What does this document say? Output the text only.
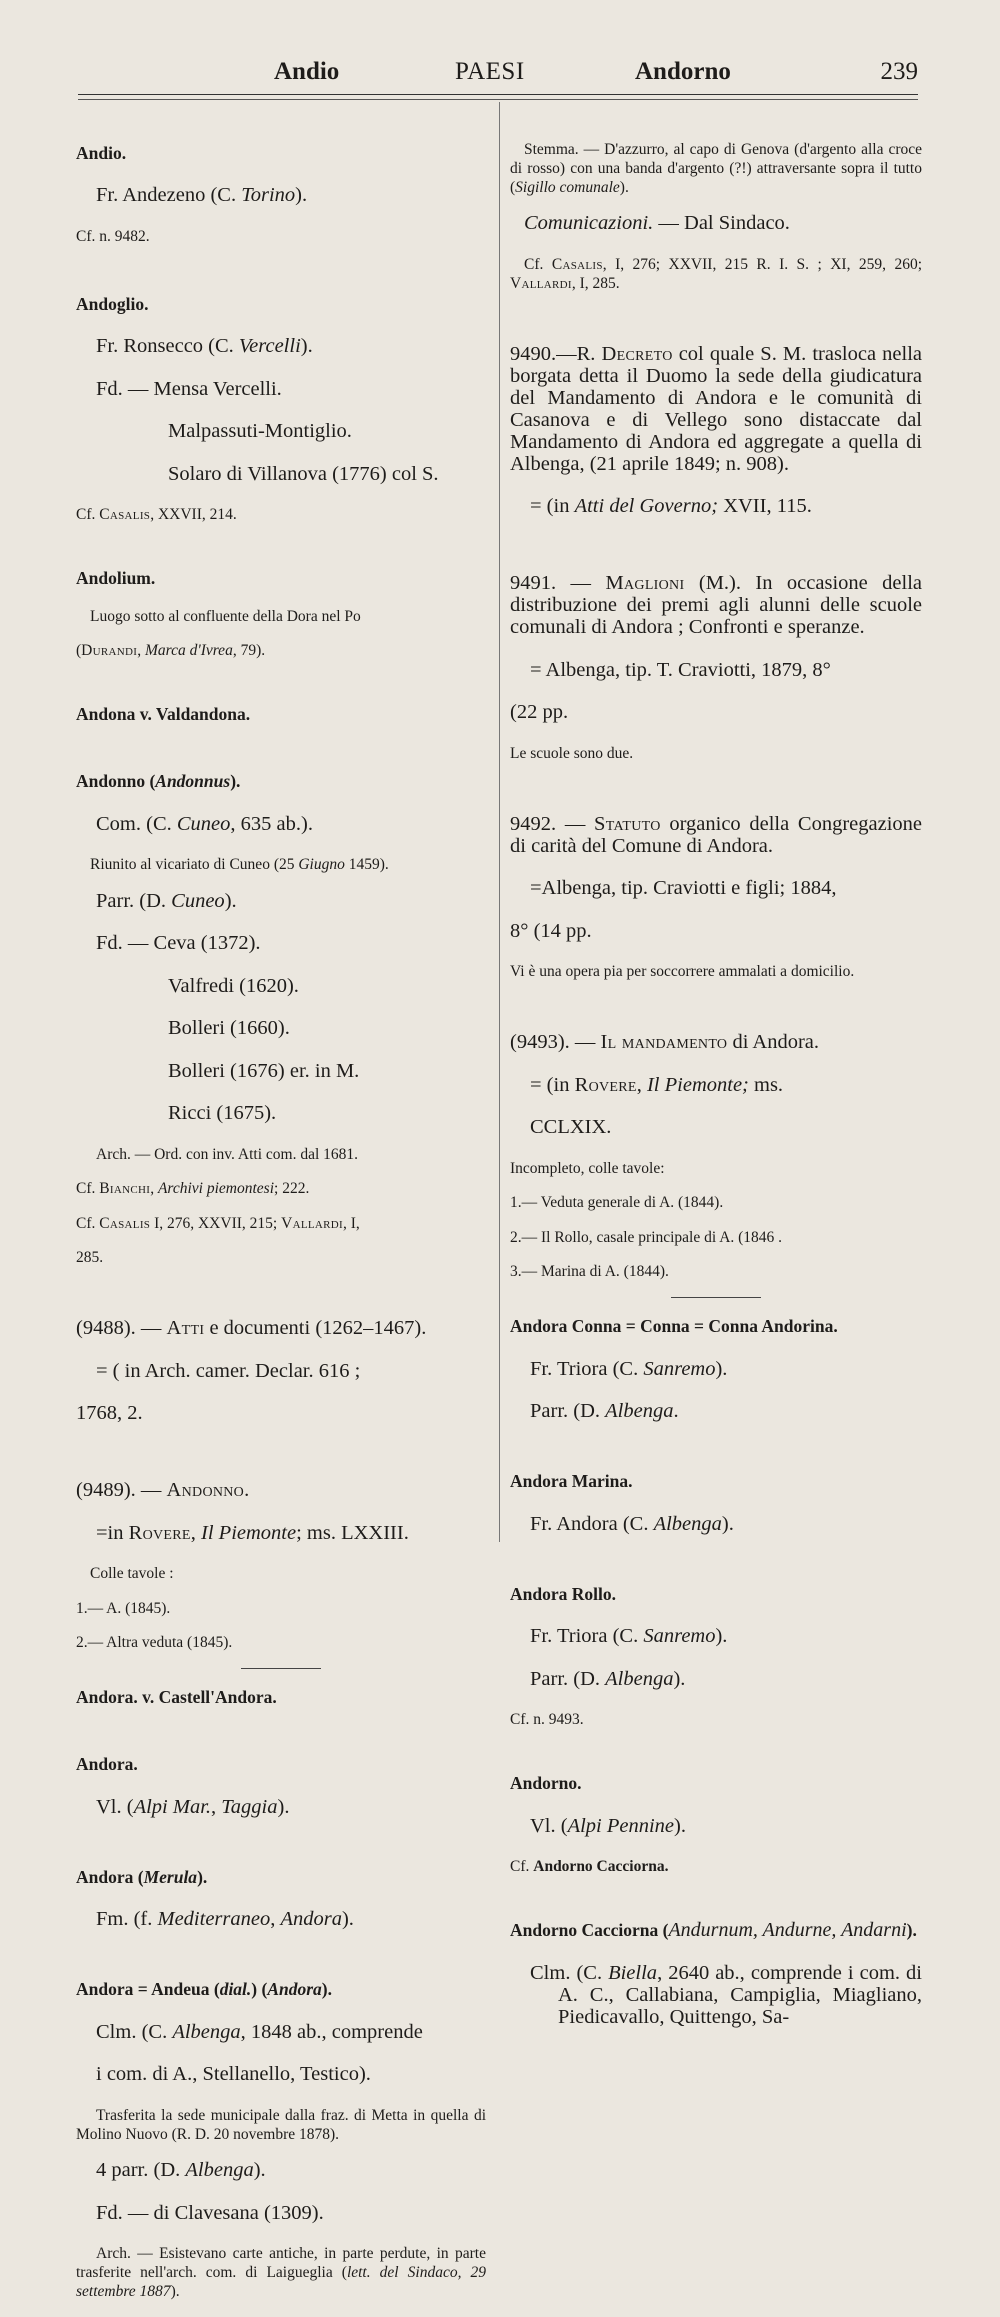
Andio	PAESI	Andorno	239

Andio.

Fr. Andezeno (C. Torino).

Cf. n. 9482.

Andoglio.

Fr. Ronsecco (C. Vercelli).

Fd. — Mensa Vercelli.

Malpassuti-Montiglio.

Solaro di Villanova (1776) col S.

Cf. Casalis, XXVII, 214.

Andolium.

Luogo sotto al confluente della Dora nel Po

(Durandi, Marca d'Ivrea, 79).

Andona v. Valdandona.

Andonno (Andonnus).

Com. (C. Cuneo, 635 ab.).

Riunito al vicariato di Cuneo (25 Giugno 1459).

Parr. (D. Cuneo).

Fd. — Ceva (1372).

Valfredi (1620).

Bolleri (1660).

Bolleri (1676) er. in M.

Ricci (1675).

Arch. — Ord. con inv. Atti com. dal 1681.

Cf. Bianchi, Archivi piemontesi; 222.

Cf. Casalis I, 276, XXVII, 215; Vallardi, I,

285.

(9488). — Atti e documenti (1262–1467).

= ( in Arch. camer. Declar. 616 ;

1768, 2.

(9489). — Andonno.

=in Rovere, Il Piemonte; ms. LXXIII.

Colle tavole :

1.— A. (1845).

2.— Altra veduta (1845).

Andora. v. Castell'Andora.

Andora.

Vl. (Alpi Mar., Taggia).

Andora (Merula).

Fm. (f. Mediterraneo, Andora).

Andora = Andeua (dial.) (Andora).

Clm. (C. Albenga, 1848 ab., comprende

i com. di A., Stellanello, Testico).

Trasferita la sede municipale dalla fraz. di Metta in quella di Molino Nuovo (R. D. 20 novembre 1878).

4 parr. (D. Albenga).

Fd. — di Clavesana (1309).

Arch. — Esistevano carte antiche, in parte perdute, in parte trasferite nell'arch. com. di Laigueglia (lett. del Sindaco, 29 settembre 1887).

Stemma. — D'azzurro, al capo di Genova (d'argento alla croce di rosso) con una banda d'argento (?!) attraversante sopra il tutto (Sigillo comunale).

Comunicazioni. — Dal Sindaco.

Cf. Casalis, I, 276; XXVII, 215 R. I. S. ; XI, 259, 260; Vallardi, I, 285.

9490.—R. Decreto col quale S. M. trasloca nella borgata detta il Duomo la sede della giudicatura del Mandamento di Andora e le comunità di Casanova e di Vellego sono distaccate dal Mandamento di Andora ed aggregate a quella di Albenga, (21 aprile 1849; n. 908).

= (in Atti del Governo; XVII, 115.

9491. — Maglioni (M.). In occasione della distribuzione dei premi agli alunni delle scuole comunali di Andora ; Confronti e speranze.

= Albenga, tip. T. Craviotti, 1879, 8°

(22 pp.

Le scuole sono due.

9492. — Statuto organico della Congregazione di carità del Comune di Andora.

=Albenga, tip. Craviotti e figli; 1884,

8° (14 pp.

Vi è una opera pia per soccorrere ammalati a domicilio.

(9493). — Il mandamento di Andora.

= (in Rovere, Il Piemonte; ms.

CCLXIX.

Incompleto, colle tavole:

1.— Veduta generale di A. (1844).

2.— Il Rollo, casale principale di A. (1846 .

3.— Marina di A. (1844).

Andora Conna = Conna = Conna Andorina.

Fr. Triora (C. Sanremo).

Parr. (D. Albenga.

Andora Marina.

Fr. Andora (C. Albenga).

Andora Rollo.

Fr. Triora (C. Sanremo).

Parr. (D. Albenga).

Cf. n. 9493.

Andorno.

Vl. (Alpi Pennine).

Cf. Andorno Cacciorna.

Andorno Cacciorna (Andurnum, Andurne, Andarni).

Clm. (C. Biella, 2640 ab., comprende i com. di A. C., Callabiana, Campiglia, Miagliano, Piedicavallo, Quittengo, Sa-
